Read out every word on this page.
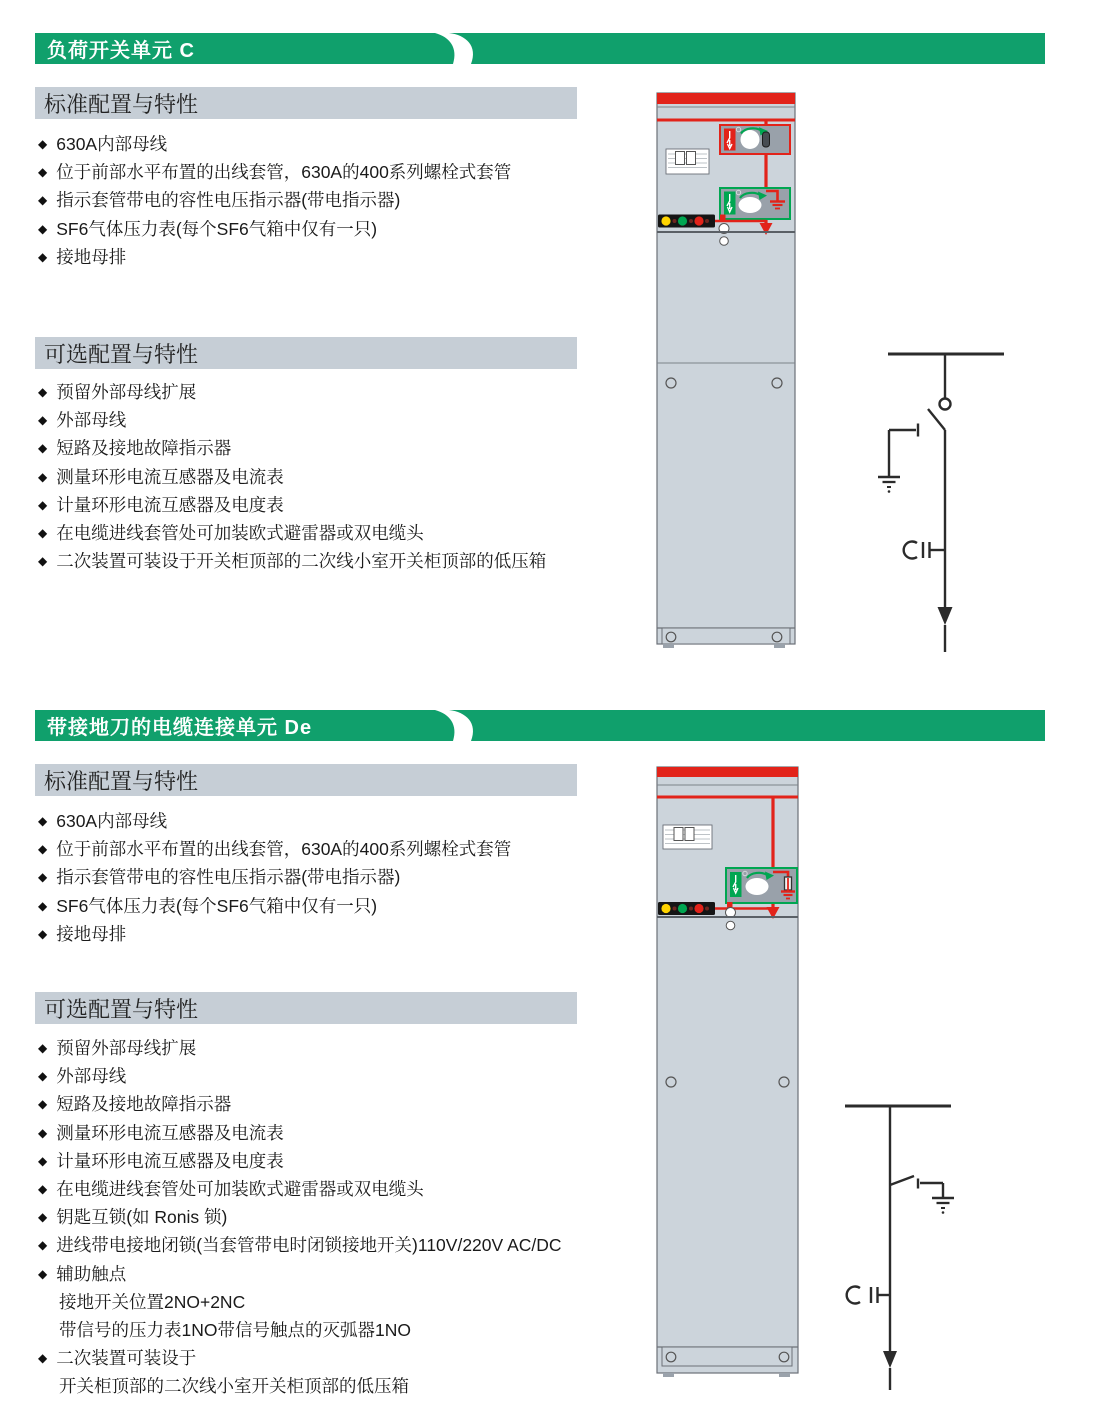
负荷开关单元 C
标准配置与特性
◆ 630A内部母线
◆ 位于前部水平布置的出线套管，630A的400系列螺栓式套管
◆ 指示套管带电的容性电压指示器(带电指示器)
◆ SF6气体压力表(每个SF6气箱中仅有一只)
◆ 接地母排
可选配置与特性
◆ 预留外部母线扩展
◆ 外部母线
◆ 短路及接地故障指示器
◆ 测量环形电流互感器及电流表
◆ 计量环形电流互感器及电度表
◆ 在电缆进线套管处可加装欧式避雷器或双电缆头
◆ 二次装置可装设于开关柜顶部的二次线小室开关柜顶部的低压箱
带接地刀的电缆连接单元 De
标准配置与特性
◆ 630A内部母线
◆ 位于前部水平布置的出线套管，630A的400系列螺栓式套管
◆ 指示套管带电的容性电压指示器(带电指示器)
◆ SF6气体压力表(每个SF6气箱中仅有一只)
◆ 接地母排
可选配置与特性
◆ 预留外部母线扩展
◆ 外部母线
◆ 短路及接地故障指示器
◆ 测量环形电流互感器及电流表
◆ 计量环形电流互感器及电度表
◆ 在电缆进线套管处可加装欧式避雷器或双电缆头
◆ 钥匙互锁(如 Ronis 锁)
◆ 进线带电接地闭锁(当套管带电时闭锁接地开关)110V/220V AC/DC
◆ 辅助触点
接地开关位置2NO+2NC
带信号的压力表1NO带信号触点的灭弧器1NO
◆ 二次装置可装设于
开关柜顶部的二次线小室开关柜顶部的低压箱
